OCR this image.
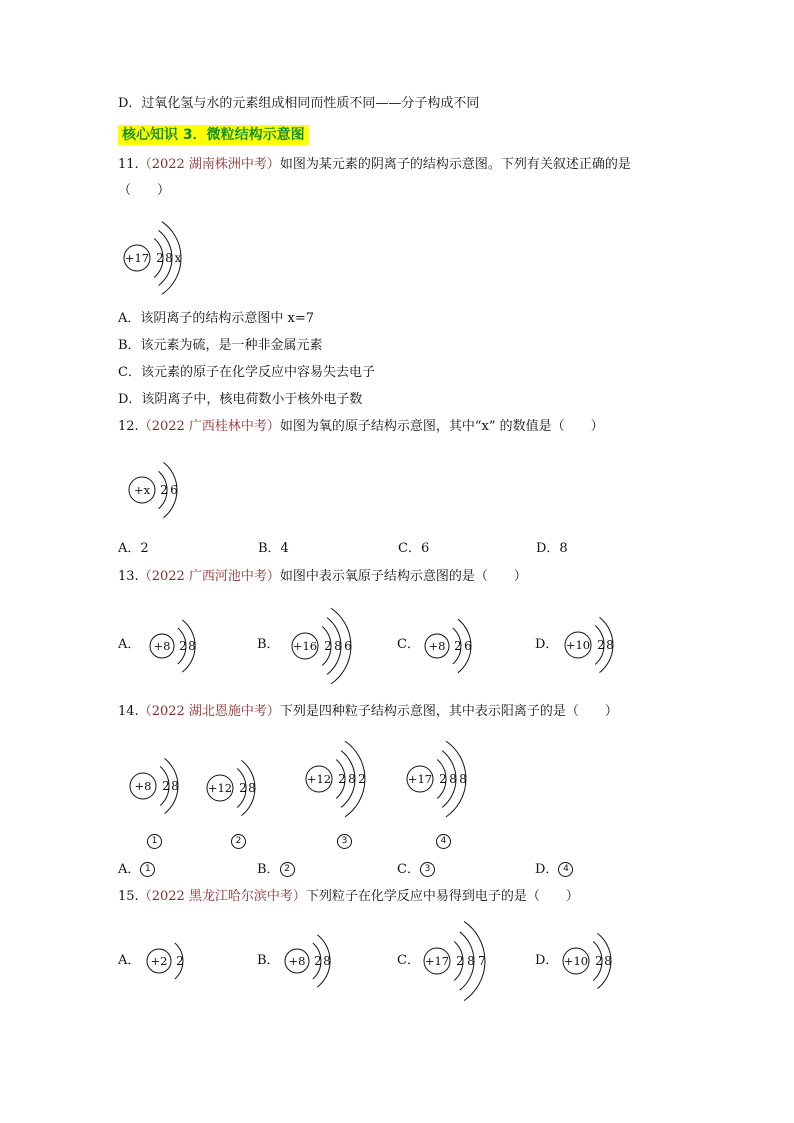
D．过氧化氢与水的元素组成相同而性质不同——分子构成不同
核心知识 3．微粒结构示意图
11.（2022 湖南株洲中考）如图为某元素的阴离子的结构示意图。下列有关叙述正确的是
（　　）
+17 2 8 x
A．该阴离子的结构示意图中 x=7
B．该元素为硫，是一种非金属元素
C．该元素的原子在化学反应中容易失去电子
D．该阴离子中，核电荷数小于核外电子数
12.（2022 广西桂林中考）如图为氧的原子结构示意图，其中“x” 的数值是（　　）
+x 2 6
A．2	B．4	C．6	D．8
13.（2022 广西河池中考）如图中表示氧原子结构示意图的是（　　）
A． +8 2 8	B． +16 2 8 6	C． +8 2 6	D． +10 2 8
14.（2022 湖北恩施中考）下列是四种粒子结构示意图，其中表示阳离子的是（　　）
+8 2 8	+12 2 8
+12 2 8 2	+17 2 8 8
1	2	3	4
A． 1	B． 2	C． 3	D． 4
15.（2022 黑龙江哈尔滨中考）下列粒子在化学反应中易得到电子的是（　　）
A． +2 2	B． +8 2 8	C． +17 2 8 7	D． +10 2 8
